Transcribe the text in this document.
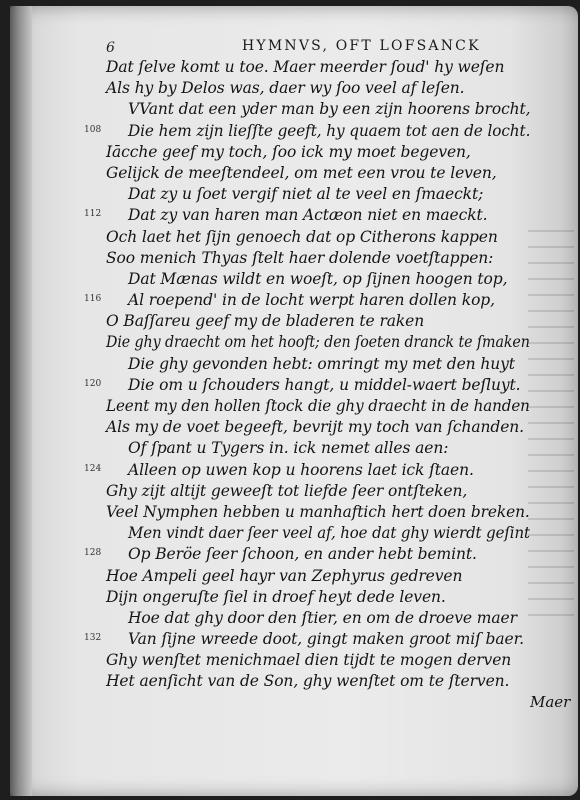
6	HYMNVS, OFT LOFSANCK
Dat ſelve komt u toe. Maer meerder ſoud' hy weſen
Als hy by Delos was, daer wy ſoo veel af leſen.
VVant dat een yder man by een zijn hoorens brocht,
108 Die hem zijn lieſſte geeft, hy quaem tot aen de locht.
Iācche geef my toch, ſoo ick my moet begeven,
Gelijck de meeſtendeel, om met een vrou te leven,
Dat zy u ſoet vergif niet al te veel en ſmaeckt;
112 Dat zy van haren man Actæon niet en maeckt.
Och laet het ſijn genoech dat op Citherons kappen
Soo menich Thyas ſtelt haer dolende voetſtappen:
Dat Mænas wildt en woeſt, op ſijnen hoogen top,
116 Al roepend' in de locht werpt haren dollen kop,
O Baſſareu geef my de bladeren te raken
Die ghy draecht om het hooft; den ſoeten dranck te ſmaken
Die ghy gevonden hebt: omringt my met den huyt
120 Die om u ſchouders hangt, u middel-waert beſluyt.
Leent my den hollen ſtock die ghy draecht in de handen
Als my de voet begeeft, bevrijt my toch van ſchanden.
Of ſpant u Tygers in. ick nemet alles aen:
124 Alleen op uwen kop u hoorens laet ick ſtaen.
Ghy zijt altijt geweeſt tot liefde ſeer ontſteken,
Veel Nymphen hebben u manhaftich hert doen breken.
Men vindt daer ſeer veel af, hoe dat ghy wierdt geſint
128 Op Beröe ſeer ſchoon, en ander hebt bemint.
Hoe Ampeli geel hayr van Zephyrus gedreven
Dijn ongeruſte ſiel in droef heyt dede leven.
Hoe dat ghy door den ſtier, en om de droeve maer
132 Van ſijne wreede doot, gingt maken groot miſ baer.
Ghy wenſtet menichmael dien tijdt te mogen derven
Het aenſicht van de Son, ghy wenſtet om te ſterven.
Maer
